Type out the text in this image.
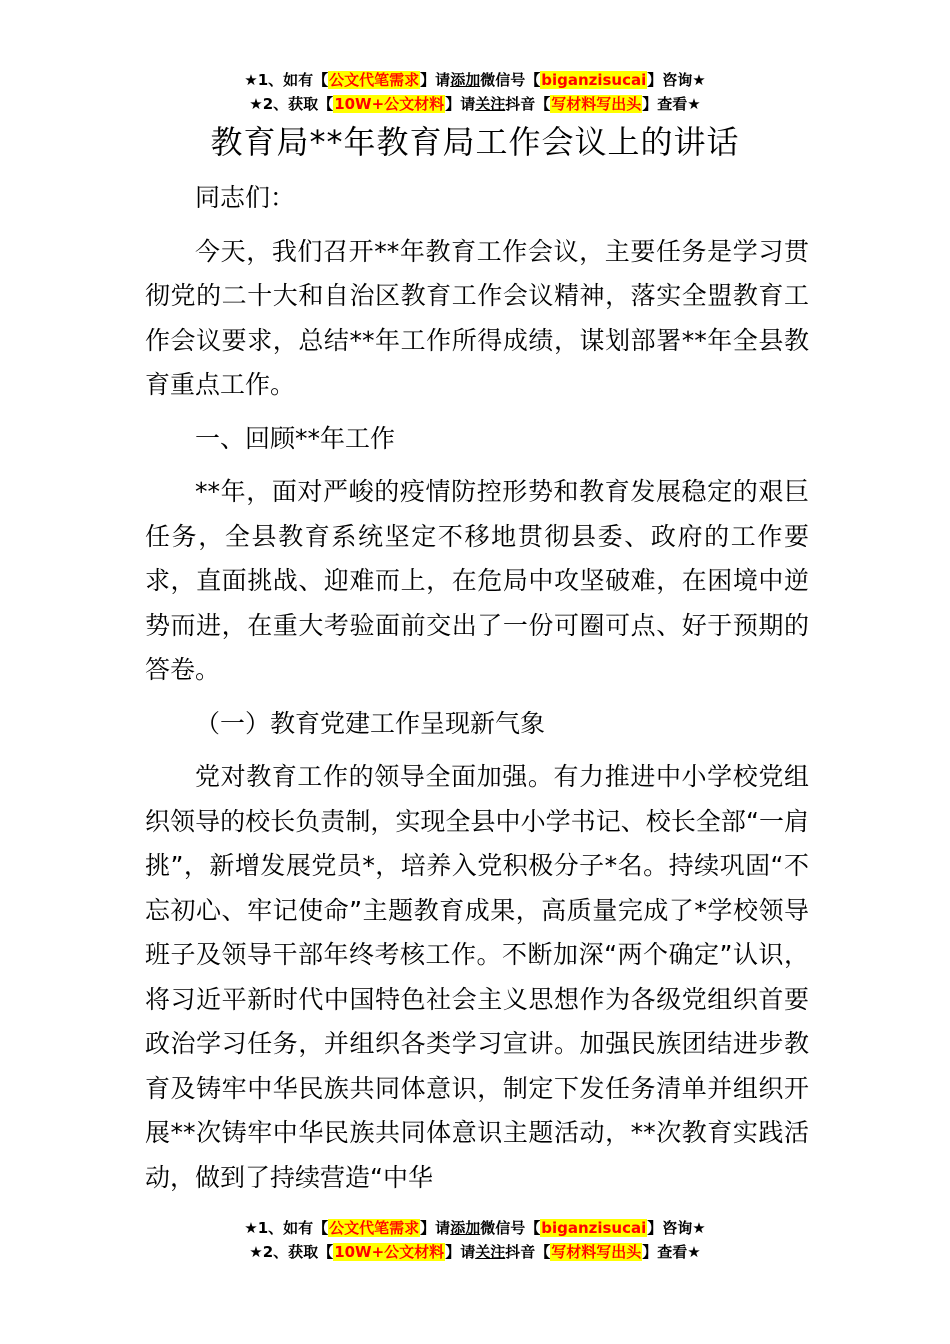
★1、如有【公文代笔需求】请添加微信号【biganzisucai】咨询★
★2、获取【10W+公文材料】请关注抖音【写材料写出头】查看★
教育局**年教育局工作会议上的讲话

同志们：

今天，我们召开**年教育工作会议，主要任务是学习贯彻党的二十大和自治区教育工作会议精神，落实全盟教育工作会议要求，总结**年工作所得成绩，谋划部署**年全县教育重点工作。

一、回顾**年工作

**年，面对严峻的疫情防控形势和教育发展稳定的艰巨任务，全县教育系统坚定不移地贯彻县委、政府的工作要求，直面挑战、迎难而上，在危局中攻坚破难，在困境中逆势而进，在重大考验面前交出了一份可圈可点、好于预期的答卷。

（一）教育党建工作呈现新气象

党对教育工作的领导全面加强。有力推进中小学校党组织领导的校长负责制，实现全县中小学书记、校长全部“一肩挑”，新增发展党员*，培养入党积极分子*名。持续巩固“不忘初心、牢记使命”主题教育成果，高质量完成了*学校领导班子及领导干部年终考核工作。不断加深“两个确定”认识，将习近平新时代中国特色社会主义思想作为各级党组织首要政治学习任务，并组织各类学习宣讲。加强民族团结进步教育及铸牢中华民族共同体意识，制定下发任务清单并组织开展**次铸牢中华民族共同体意识主题活动，**次教育实践活动，做到了持续营造“中华

★1、如有【公文代笔需求】请添加微信号【biganzisucai】咨询★
★2、获取【10W+公文材料】请关注抖音【写材料写出头】查看★
